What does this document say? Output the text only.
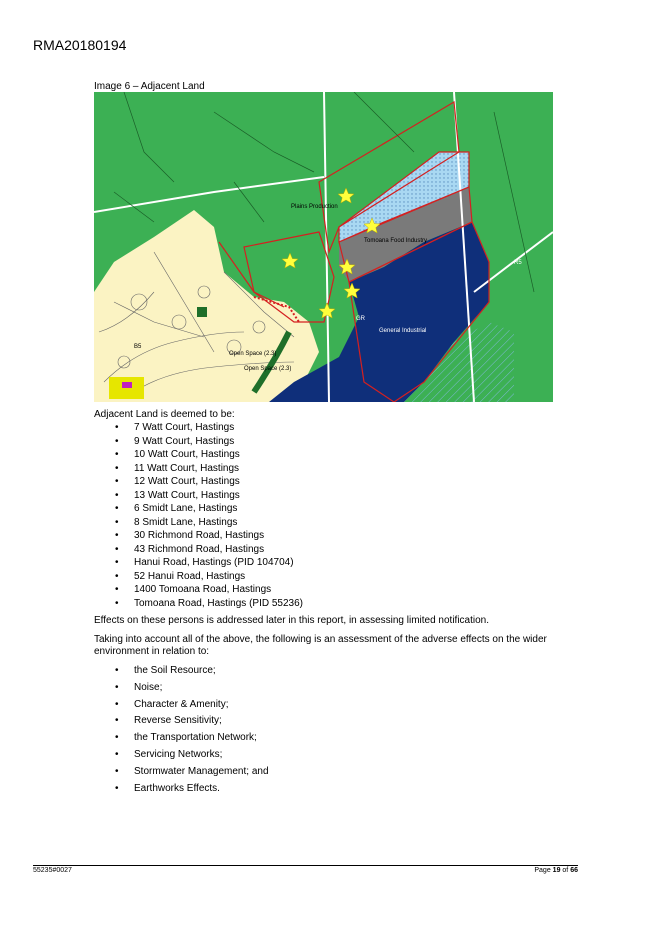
RMA20180194
Image 6 – Adjacent Land
Plains Production
Tomoana Food Industry
Open Space (2.3)
Open Space (2.3)
B5
General Industrial
GR
R5
Adjacent Land is deemed to be:
• 7 Watt Court, Hastings
• 9 Watt Court, Hastings
• 10 Watt Court, Hastings
• 11 Watt Court, Hastings
• 12 Watt Court, Hastings
• 13 Watt Court, Hastings
• 6 Smidt Lane, Hastings
• 8 Smidt Lane, Hastings
• 30 Richmond Road, Hastings
• 43 Richmond Road, Hastings
• Hanui Road, Hastings (PID 104704)
• 52 Hanui Road, Hastings
• 1400 Tomoana Road, Hastings
• Tomoana Road, Hastings (PID 55236)
Effects on these persons is addressed later in this report, in assessing limited notification.
Taking into account all of the above, the following is an assessment of the adverse effects on the wider environment in relation to:
• the Soil Resource;
• Noise;
• Character & Amenity;
• Reverse Sensitivity;
• the Transportation Network;
• Servicing Networks;
• Stormwater Management; and
• Earthworks Effects.
55235#0027	Page 19 of 66
